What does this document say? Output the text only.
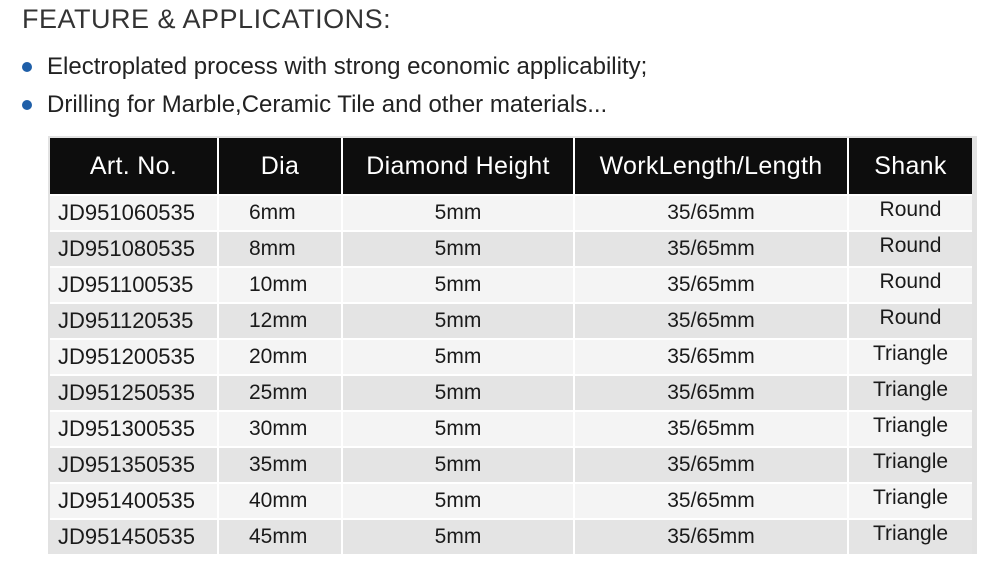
FEATURE & APPLICATIONS:
Electroplated process with strong economic applicability;
Drilling for Marble,Ceramic Tile and other materials...
Art. No.	Dia	Diamond Height	WorkLength/Length	Shank
JD951060535	6mm	5mm	35/65mm	Round
JD951080535	8mm	5mm	35/65mm	Round
JD951100535	10mm	5mm	35/65mm	Round
JD951120535	12mm	5mm	35/65mm	Round
JD951200535	20mm	5mm	35/65mm	Triangle
JD951250535	25mm	5mm	35/65mm	Triangle
JD951300535	30mm	5mm	35/65mm	Triangle
JD951350535	35mm	5mm	35/65mm	Triangle
JD951400535	40mm	5mm	35/65mm	Triangle
JD951450535	45mm	5mm	35/65mm	Triangle
